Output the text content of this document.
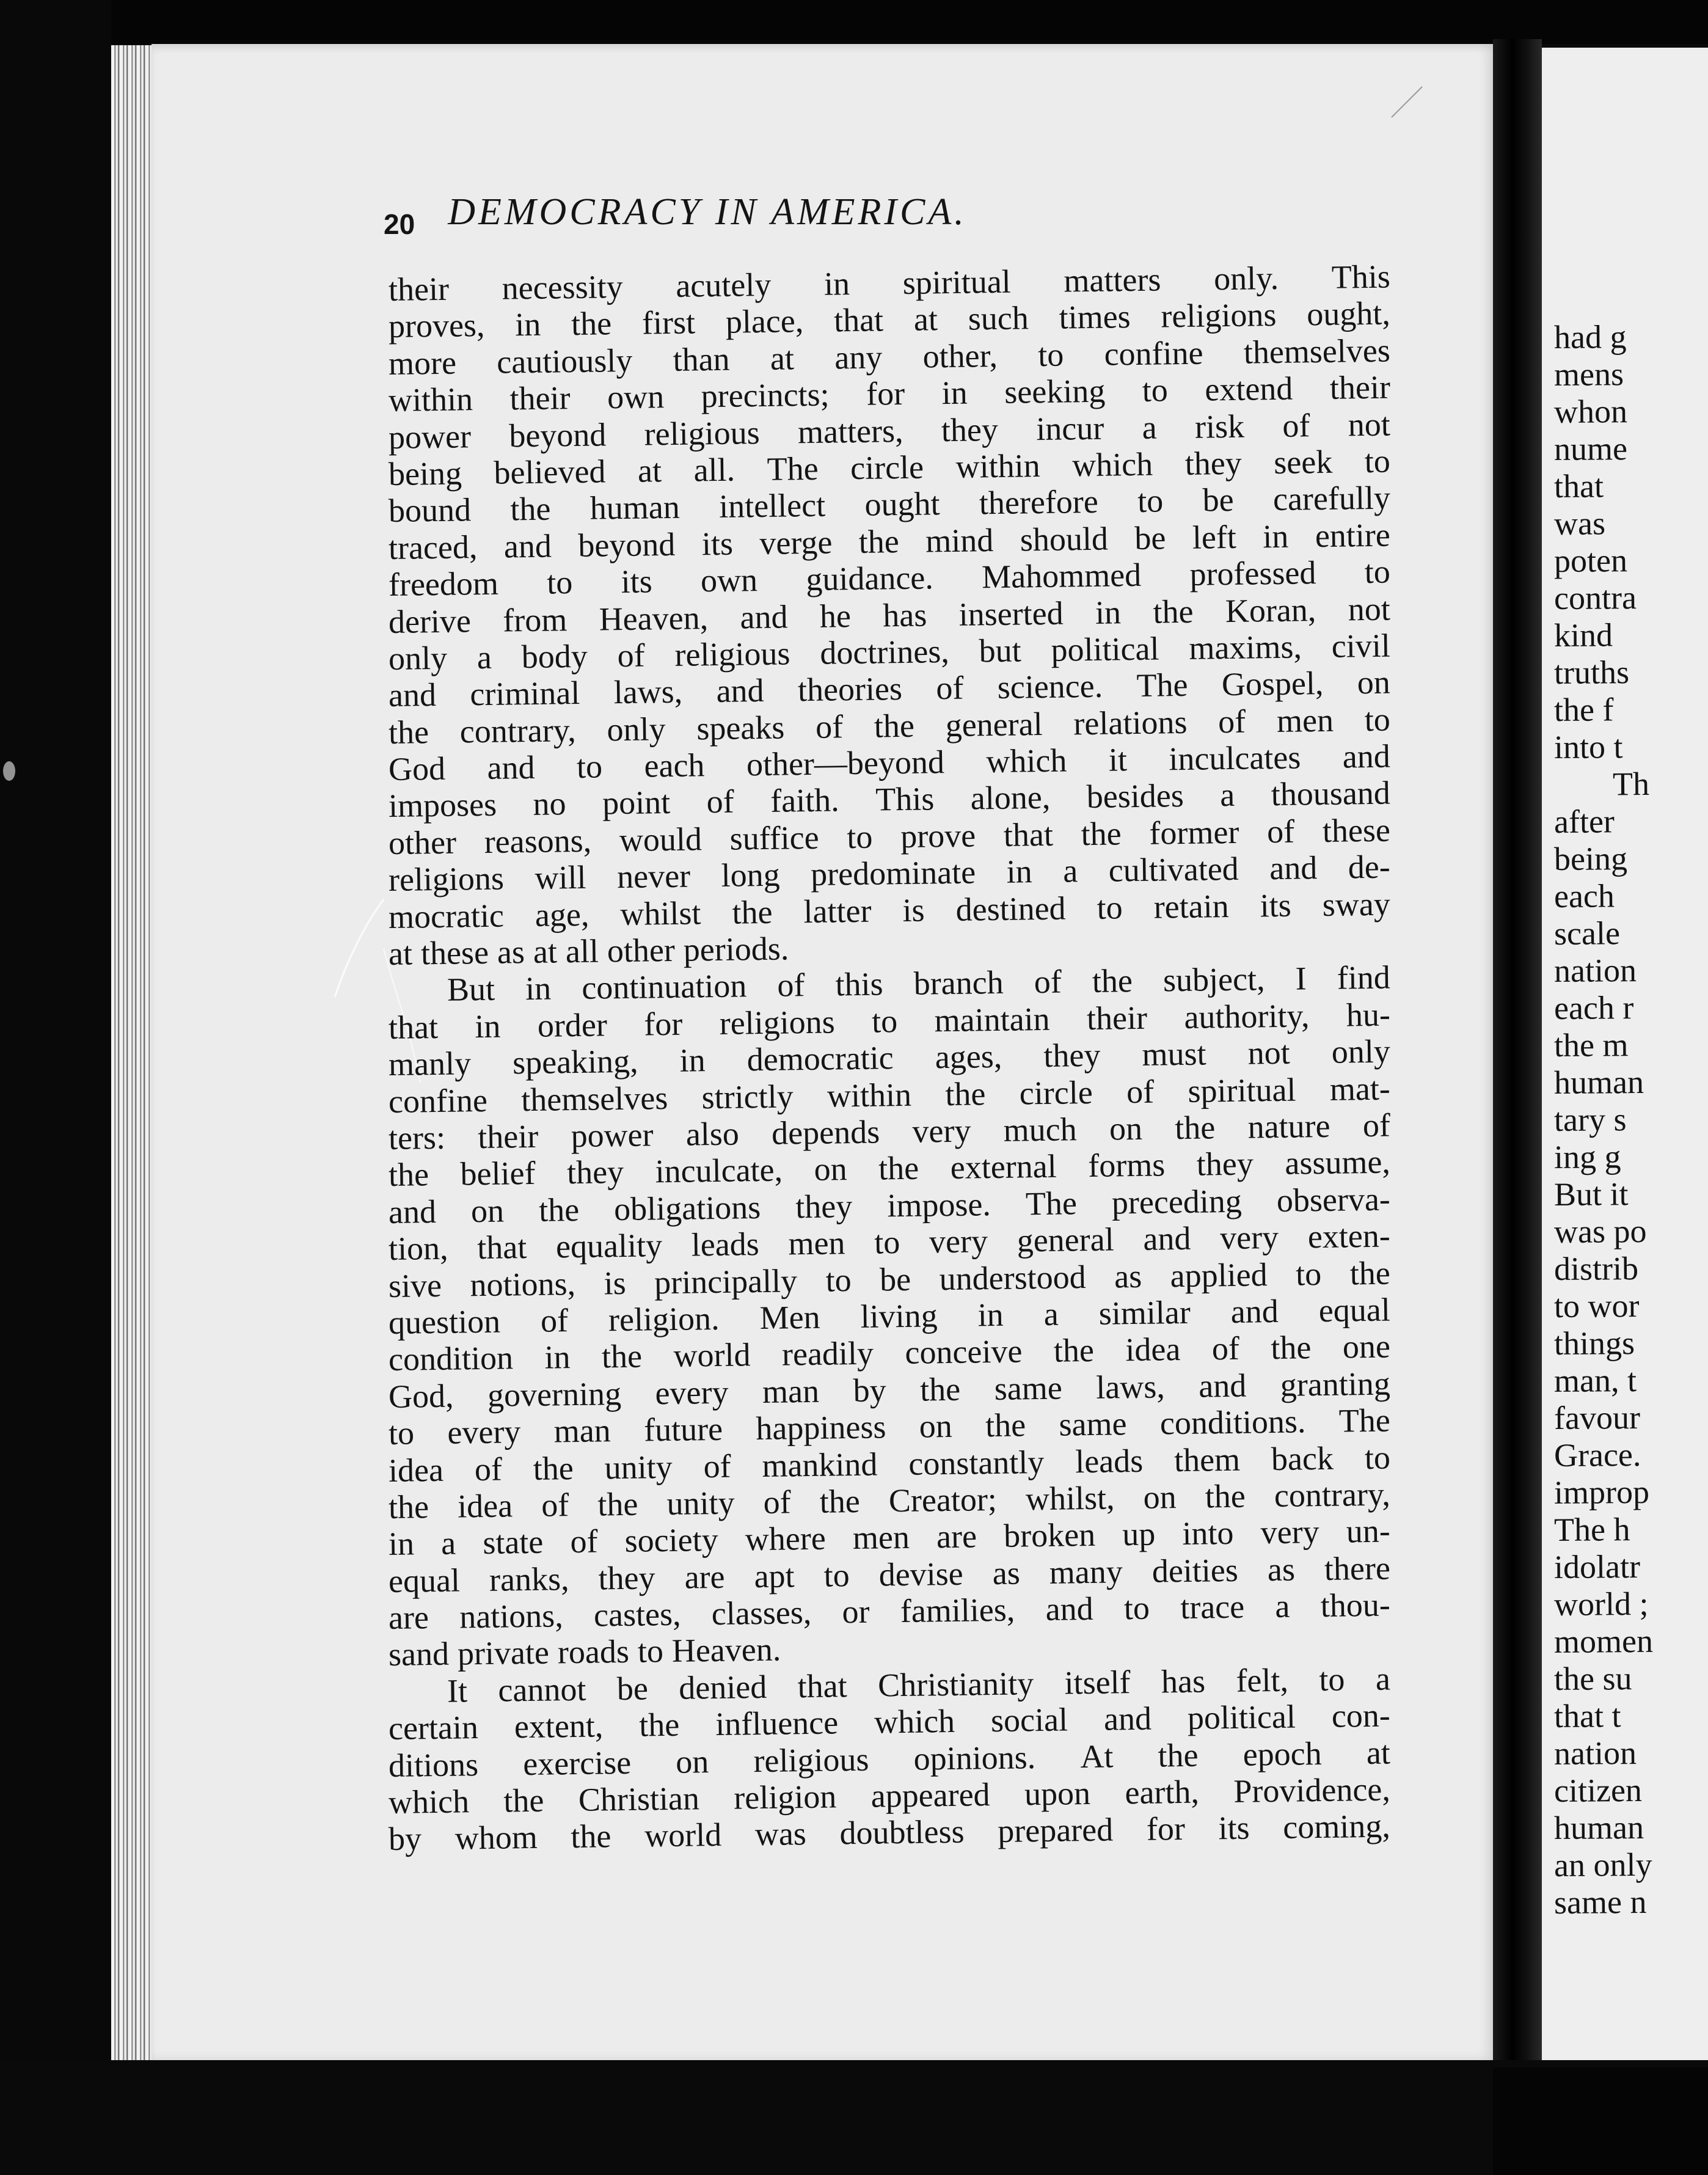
had g
mens
whon
nume
that
was
poten
contra
kind
truths
the f
into t
Th
after
being
each
scale
nation
each r
the m
human
tary s
ing g
But it
was po
distrib
to wor
things
man, t
favour
Grace.
improp
The h
idolatr
world ;
momen
the su
that t
nation
citizen
human
an only
same n
20 DEMOCRACY IN AMERICA.
their necessity acutely in spiritual matters only. This
proves, in the first place, that at such times religions ought,
more cautiously than at any other, to confine themselves
within their own precincts; for in seeking to extend their
power beyond religious matters, they incur a risk of not
being believed at all. The circle within which they seek to
bound the human intellect ought therefore to be carefully
traced, and beyond its verge the mind should be left in entire
freedom to its own guidance. Mahommed professed to
derive from Heaven, and he has inserted in the Koran, not
only a body of religious doctrines, but political maxims, civil
and criminal laws, and theories of science. The Gospel, on
the contrary, only speaks of the general relations of men to
God and to each other—beyond which it inculcates and
imposes no point of faith. This alone, besides a thousand
other reasons, would suffice to prove that the former of these
religions will never long predominate in a cultivated and de-
mocratic age, whilst the latter is destined to retain its sway
at these as at all other periods.
But in continuation of this branch of the subject, I find
that in order for religions to maintain their authority, hu-
manly speaking, in democratic ages, they must not only
confine themselves strictly within the circle of spiritual mat-
ters: their power also depends very much on the nature of
the belief they inculcate, on the external forms they assume,
and on the obligations they impose. The preceding observa-
tion, that equality leads men to very general and very exten-
sive notions, is principally to be understood as applied to the
question of religion. Men living in a similar and equal
condition in the world readily conceive the idea of the one
God, governing every man by the same laws, and granting
to every man future happiness on the same conditions. The
idea of the unity of mankind constantly leads them back to
the idea of the unity of the Creator; whilst, on the contrary,
in a state of society where men are broken up into very un-
equal ranks, they are apt to devise as many deities as there
are nations, castes, classes, or families, and to trace a thou-
sand private roads to Heaven.
It cannot be denied that Christianity itself has felt, to a
certain extent, the influence which social and political con-
ditions exercise on religious opinions. At the epoch at
which the Christian religion appeared upon earth, Providence,
by whom the world was doubtless prepared for its coming,
